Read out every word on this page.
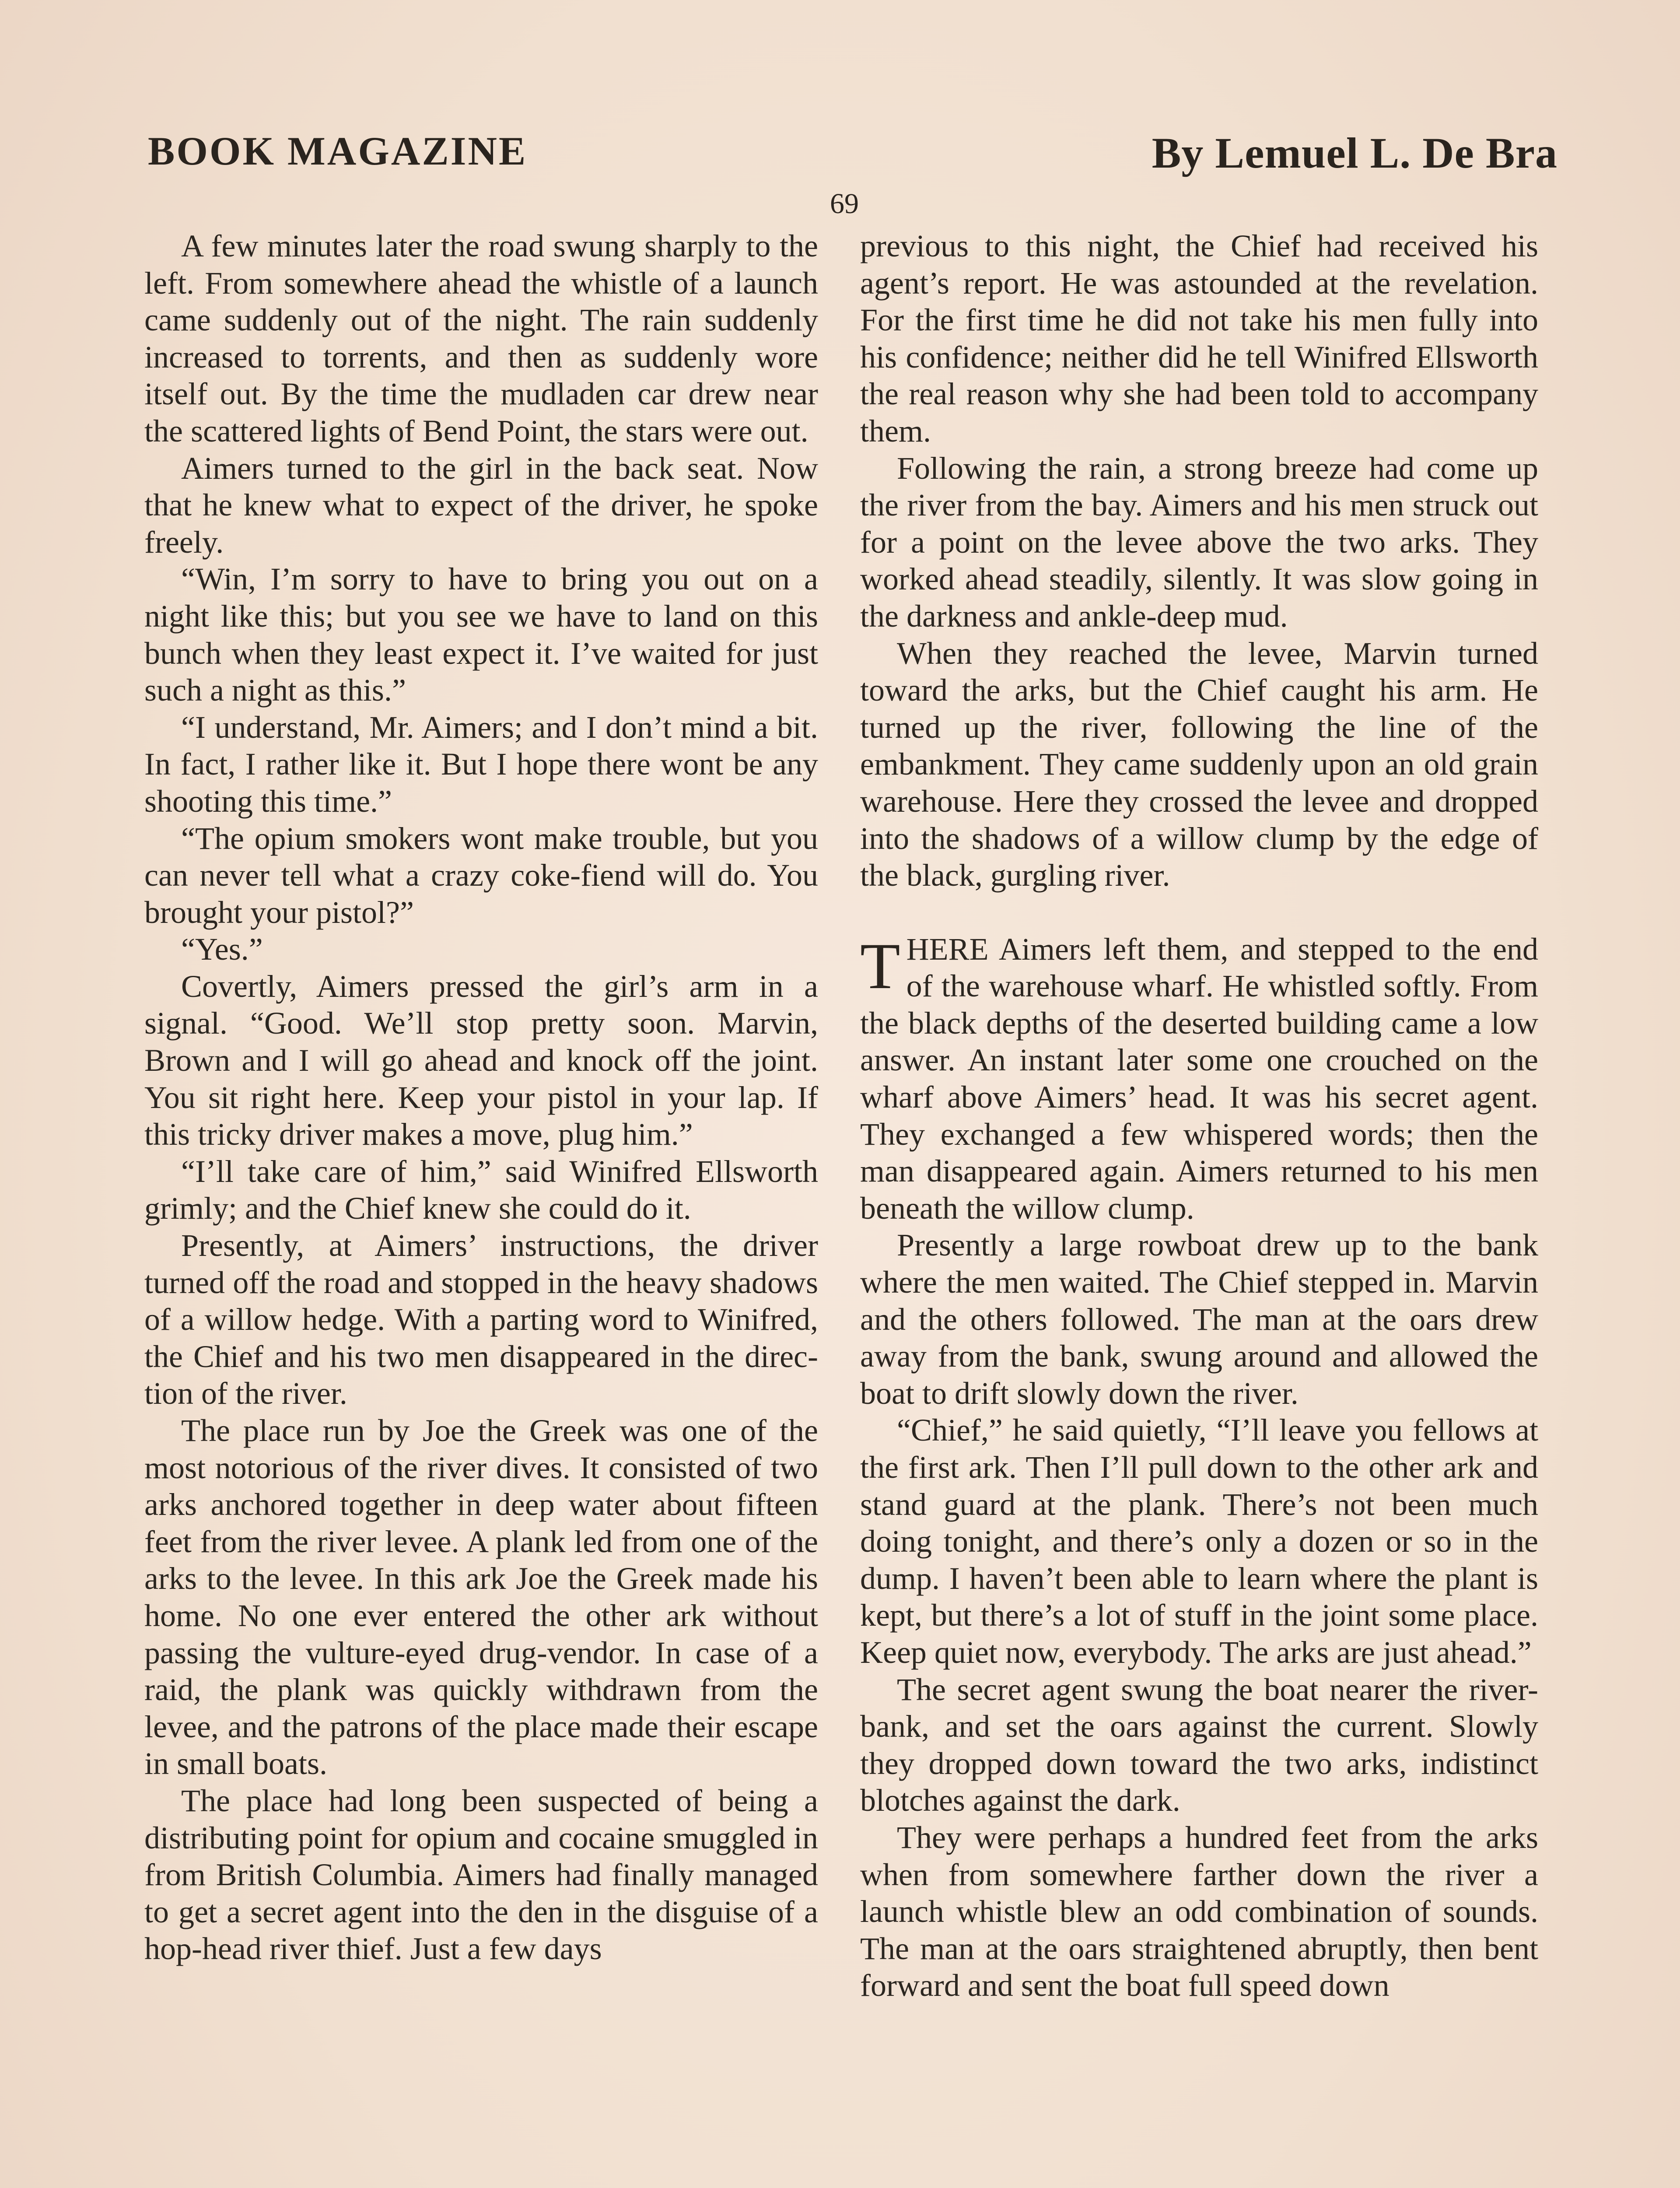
BOOK MAGAZINE	By Lemuel L. De Bra
69

A few minutes later the road swung sharply to the left. From somewhere ahead the whistle of a launch came suddenly out of the night. The rain suddenly increased to torrents, and then as suddenly wore itself out. By the time the mudladen car drew near the scattered lights of Bend Point, the stars were out.

Aimers turned to the girl in the back seat. Now that he knew what to expect of the driver, he spoke freely.

“Win, I’m sorry to have to bring you out on a night like this; but you see we have to land on this bunch when they least expect it. I’ve waited for just such a night as this.”

“I understand, Mr. Aimers; and I don’t mind a bit. In fact, I rather like it. But I hope there wont be any shooting this time.”

“The opium smokers wont make trouble, but you can never tell what a crazy coke-fiend will do. You brought your pistol?”

“Yes.”

Covertly, Aimers pressed the girl’s arm in a signal. “Good. We’ll stop pretty soon. Marvin, Brown and I will go ahead and knock off the joint. You sit right here. Keep your pistol in your lap. If this tricky driver makes a move, plug him.”

“I’ll take care of him,” said Winifred Ellsworth grimly; and the Chief knew she could do it.

Presently, at Aimers’ instructions, the driver turned off the road and stopped in the heavy shadows of a willow hedge. With a parting word to Winifred, the Chief and his two men disappeared in the direction of the river.

The place run by Joe the Greek was one of the most notorious of the river dives. It consisted of two arks anchored together in deep water about fifteen feet from the river levee. A plank led from one of the arks to the levee. In this ark Joe the Greek made his home. No one ever entered the other ark without passing the vulture-eyed drug-vendor. In case of a raid, the plank was quickly withdrawn from the levee, and the patrons of the place made their escape in small boats.

The place had long been suspected of being a distributing point for opium and cocaine smuggled in from British Columbia. Aimers had finally managed to get a secret agent into the den in the disguise of a hop-head river thief. Just a few days

previous to this night, the Chief had received his agent’s report. He was astounded at the revelation. For the first time he did not take his men fully into his confidence; neither did he tell Winifred Ellsworth the real reason why she had been told to accompany them.

Following the rain, a strong breeze had come up the river from the bay. Aimers and his men struck out for a point on the levee above the two arks. They worked ahead steadily, silently. It was slow going in the darkness and ankle-deep mud.

When they reached the levee, Marvin turned toward the arks, but the Chief caught his arm. He turned up the river, following the line of the embankment. They came suddenly upon an old grain warehouse. Here they crossed the levee and dropped into the shadows of a willow clump by the edge of the black, gurgling river.

THERE Aimers left them, and stepped to the end of the warehouse wharf. He whistled softly. From the black depths of the deserted building came a low answer. An instant later some one crouched on the wharf above Aimers’ head. It was his secret agent. They exchanged a few whispered words; then the man disappeared again. Aimers returned to his men beneath the willow clump.

Presently a large rowboat drew up to the bank where the men waited. The Chief stepped in. Marvin and the others followed. The man at the oars drew away from the bank, swung around and allowed the boat to drift slowly down the river.

“Chief,” he said quietly, “I’ll leave you fellows at the first ark. Then I’ll pull down to the other ark and stand guard at the plank. There’s not been much doing tonight, and there’s only a dozen or so in the dump. I haven’t been able to learn where the plant is kept, but there’s a lot of stuff in the joint some place. Keep quiet now, everybody. The arks are just ahead.”

The secret agent swung the boat nearer the river-bank, and set the oars against the current. Slowly they dropped down toward the two arks, indistinct blotches against the dark.

They were perhaps a hundred feet from the arks when from somewhere farther down the river a launch whistle blew an odd combination of sounds. The man at the oars straightened abruptly, then bent forward and sent the boat full speed down
